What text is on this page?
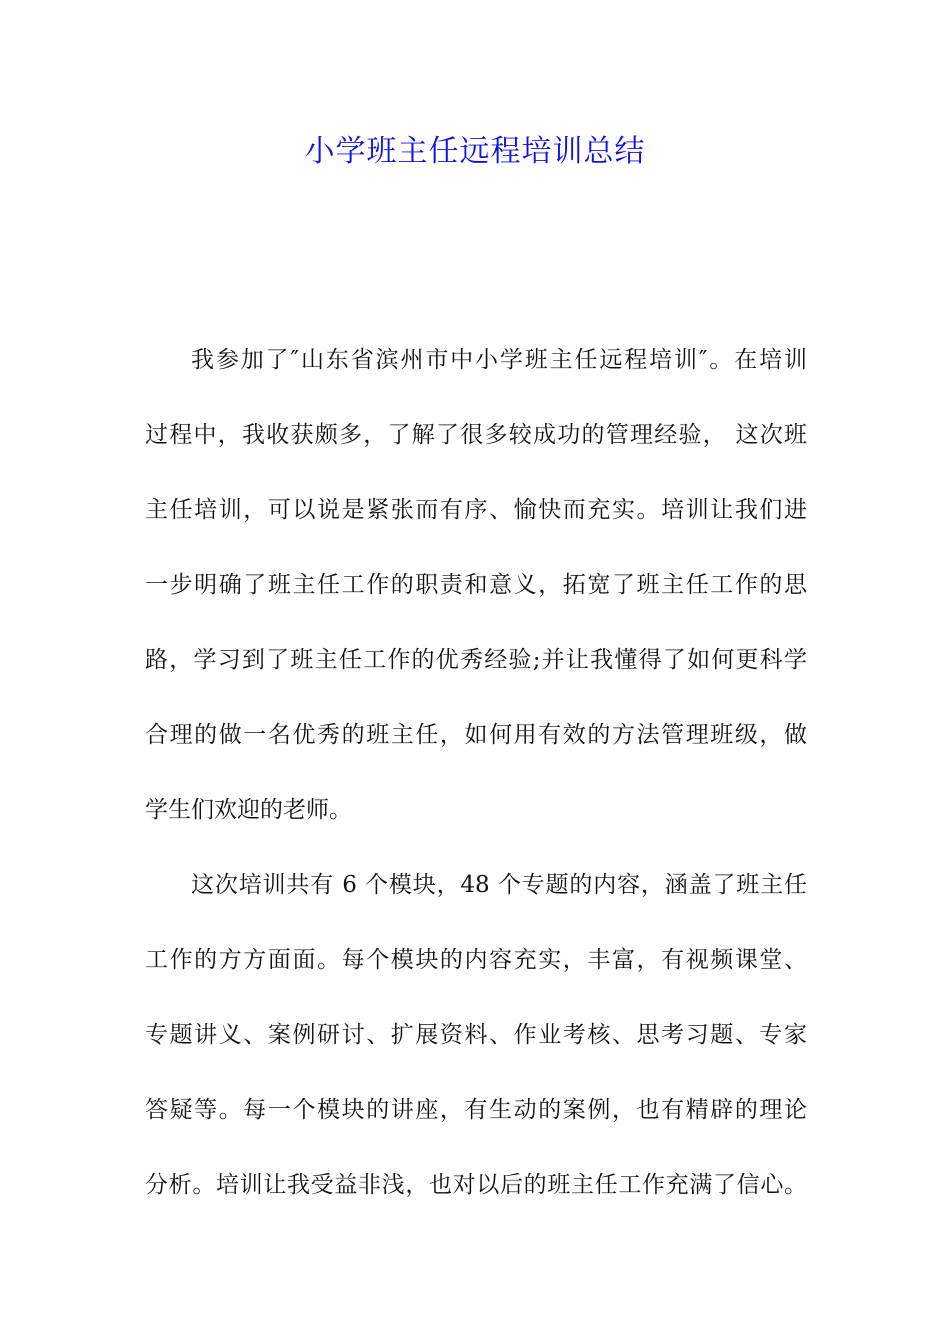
小学班主任远程培训总结
我参加了″山东省滨州市中小学班主任远程培训″。在培训
过程中，我收获颇多，了解了很多较成功的管理经验， 这次班
主任培训，可以说是紧张而有序、愉快而充实。培训让我们进
一步明确了班主任工作的职责和意义，拓宽了班主任工作的思
路，学习到了班主任工作的优秀经验;并让我懂得了如何更科学
合理的做一名优秀的班主任，如何用有效的方法管理班级，做
学生们欢迎的老师。
这次培训共有 6 个模块，48 个专题的内容，涵盖了班主任
工作的方方面面。每个模块的内容充实，丰富，有视频课堂、
专题讲义、案例研讨、扩展资料、作业考核、思考习题、专家
答疑等。每一个模块的讲座，有生动的案例，也有精辟的理论
分析。培训让我受益非浅，也对以后的班主任工作充满了信心。
